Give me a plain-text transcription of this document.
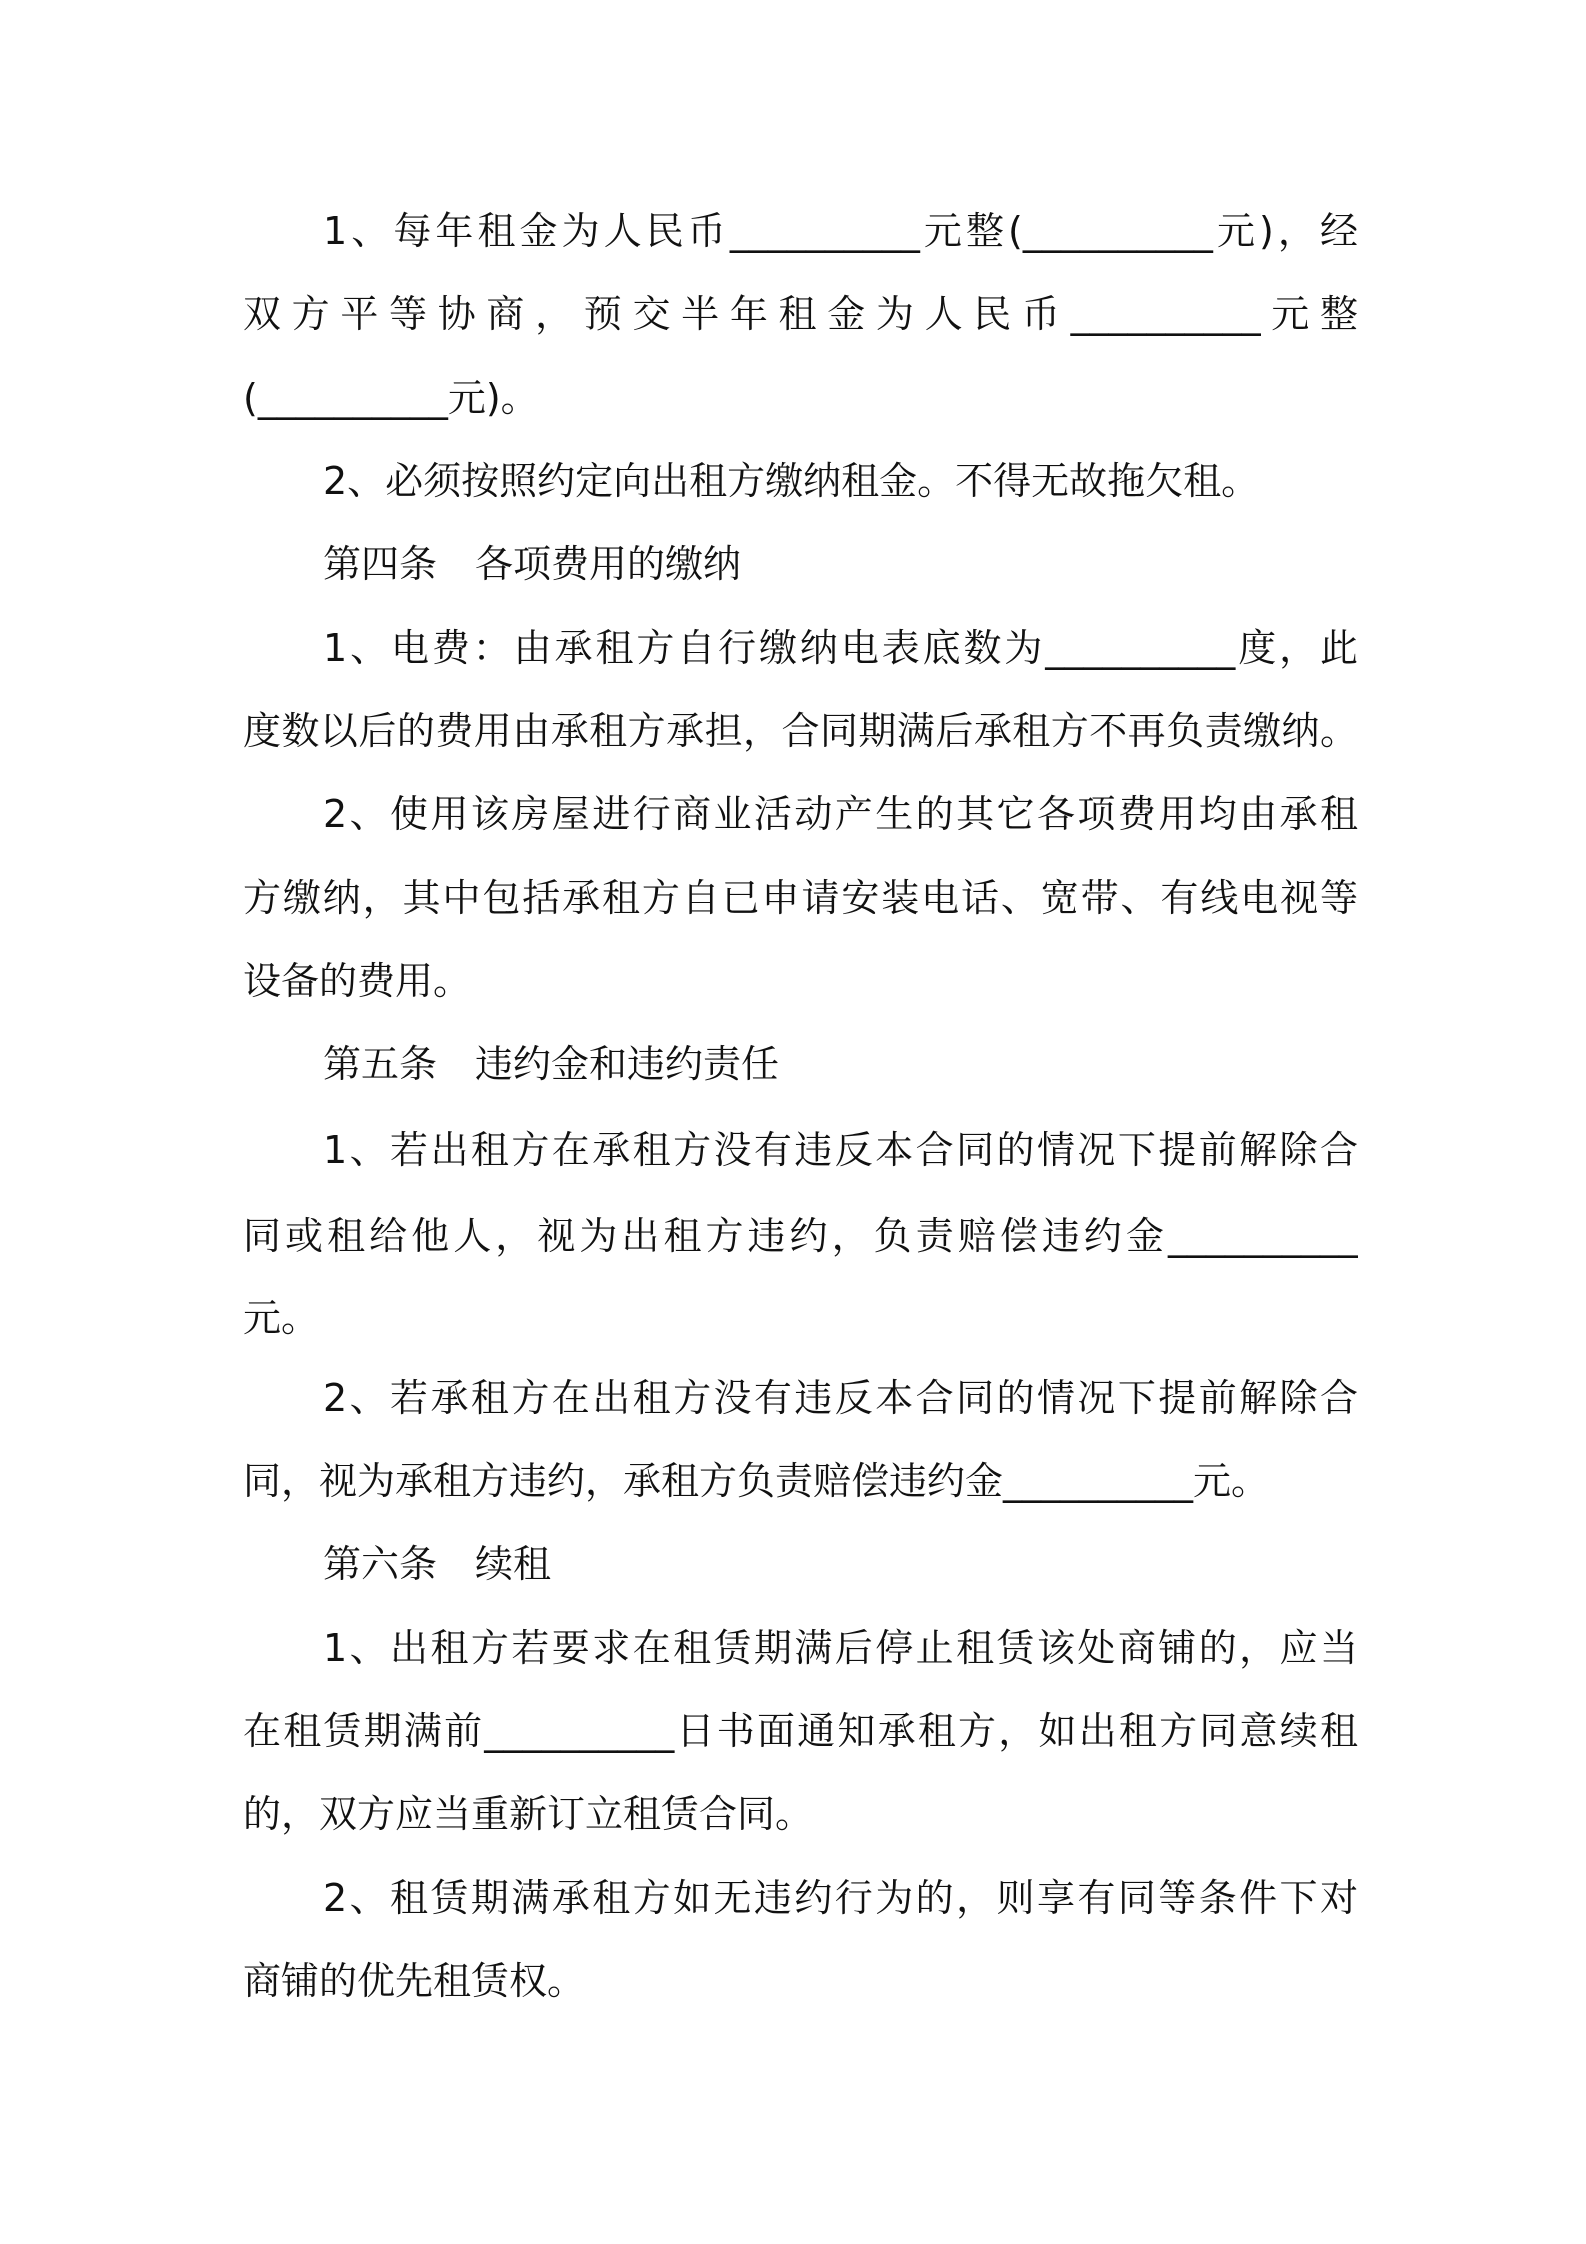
1、每年租金为人民币__________元整(__________元)，经
双方平等协商，预交半年租金为人民币__________元整
(__________元)。
2、必须按照约定向出租方缴纳租金。不得无故拖欠租。
第四条　各项费用的缴纳
1、电费：由承租方自行缴纳电表底数为__________度，此
度数以后的费用由承租方承担，合同期满后承租方不再负责缴纳。
2、使用该房屋进行商业活动产生的其它各项费用均由承租
方缴纳，其中包括承租方自已申请安装电话、宽带、有线电视等
设备的费用。
第五条　违约金和违约责任
1、若出租方在承租方没有违反本合同的情况下提前解除合
同或租给他人，视为出租方违约，负责赔偿违约金__________
元。
2、若承租方在出租方没有违反本合同的情况下提前解除合
同，视为承租方违约，承租方负责赔偿违约金__________元。
第六条　续租
1、出租方若要求在租赁期满后停止租赁该处商铺的，应当
在租赁期满前__________日书面通知承租方，如出租方同意续租
的，双方应当重新订立租赁合同。
2、租赁期满承租方如无违约行为的，则享有同等条件下对
商铺的优先租赁权。
